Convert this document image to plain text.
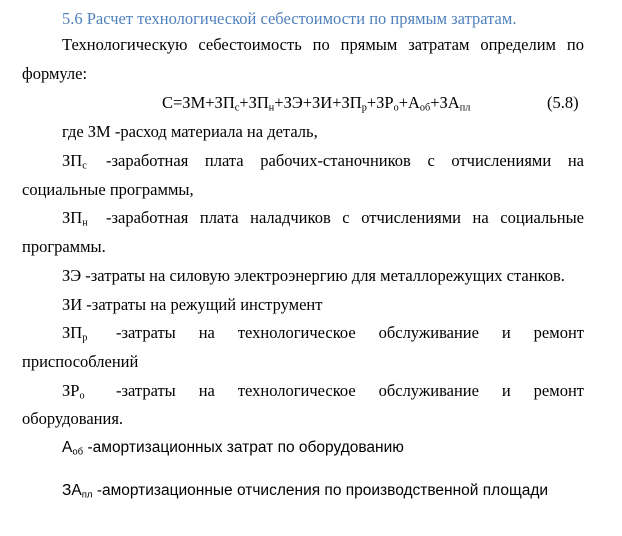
5.6 Расчет технологической себестоимости по прямым затратам.
Технологическую себестоимость по прямым затратам определим по
формуле:
$С=ЗМ+ЗП_с+ЗП_н+ЗЭ+ЗИ+ЗП_р+ЗР_о+А_{об}+ЗА_{пл}$	(5.8)
где ЗМ -расход материала на деталь,
$ЗП_с$ -заработная плата рабочих-станочников с отчислениями на
социальные программы,
$ЗП_н$ -заработная плата наладчиков с отчислениями на социальные
программы.
ЗЭ -затраты на силовую электроэнергию для металлорежущих станков.
ЗИ -затраты на режущий инструмент
$ЗП_р$ -затраты на технологическое обслуживание и ремонт
приспособлений
$ЗР_о$ -затраты на технологическое обслуживание и ремонт
оборудования.
$А_{об}$ -амортизационных затрат по оборудованию
$ЗА_{пл}$ -амортизационные отчисления по производственной площади
